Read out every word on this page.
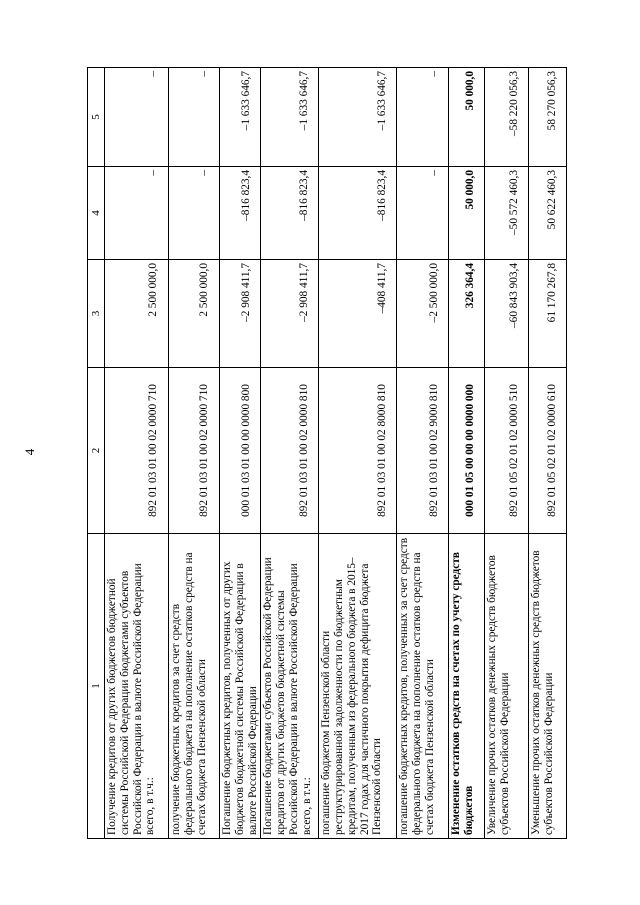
4
1	2	3	4	5
Получение кредитов от других бюджетов бюджетной системы Российской Федерации бюджетами субъектов Российской Федерации в валюте Российской Федерации всего, в т.ч.:	892 01 03 01 00 02 0000 710	2 500 000,0	–	–
получение бюджетных кредитов за счет средств федерального бюджета на пополнение остатков средств на счетах бюджета Пензенской области	892 01 03 01 00 02 0000 710	2 500 000,0	–	–
Погашение бюджетных кредитов, полученных от других бюджетов бюджетной системы Российской Федерации в валюте Российской Федерации	000 01 03 01 00 00 0000 800	–2 908 411,7	–816 823,4	–1 633 646,7
Погашение бюджетами субъектов Российской Федерации кредитов от других бюджетов бюджетной системы Российской Федерации в валюте Российской Федерации всего, в т.ч.:	892 01 03 01 00 02 0000 810	–2 908 411,7	–816 823,4	–1 633 646,7
погашение бюджетом Пензенской области реструктурированной задолженности по бюджетным кредитам, полученным из федерального бюджета в 2015–2017 годах для частичного покрытия дефицита бюджета Пензенской области	892 01 03 01 00 02 8000 810	–408 411,7	–816 823,4	–1 633 646,7
погашение бюджетных кредитов, полученных за счет средств федерального бюджета на пополнение остатков средств на счетах бюджета Пензенской области	892 01 03 01 00 02 9000 810	–2 500 000,0	–	–
Изменение остатков средств на счетах по учету средств бюджетов	000 01 05 00 00 00 0000 000	326 364,4	50 000,0	50 000,0
Увеличение прочих остатков денежных средств бюджетов субъектов Российской Федерации	892 01 05 02 01 02 0000 510	–60 843 903,4	–50 572 460,3	–58 220 056,3
Уменьшение прочих остатков денежных средств бюджетов субъектов Российской Федерации	892 01 05 02 01 02 0000 610	61 170 267,8	50 622 460,3	58 270 056,3
